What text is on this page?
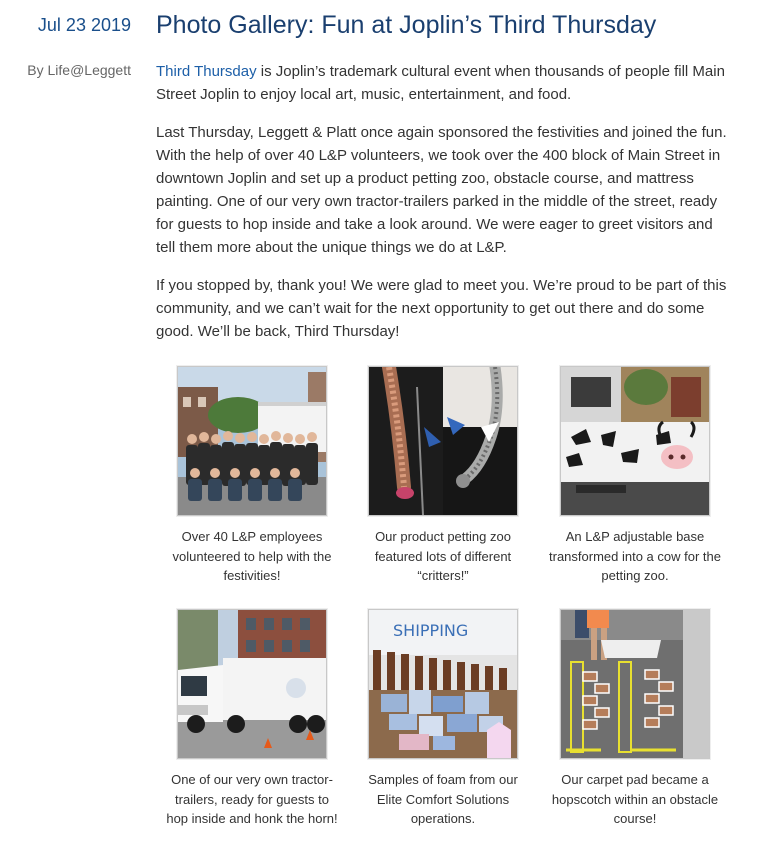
Jul 23 2019
By Life@Leggett
Photo Gallery: Fun at Joplin’s Third Thursday

Third Thursday is Joplin’s trademark cultural event when thousands of people fill Main Street Joplin to enjoy local art, music, entertainment, and food.

Last Thursday, Leggett & Platt once again sponsored the festivities and joined the fun. With the help of over 40 L&P volunteers, we took over the 400 block of Main Street in downtown Joplin and set up a product petting zoo, obstacle course, and mattress painting. One of our very own tractor-trailers parked in the middle of the street, ready for guests to hop inside and take a look around. We were eager to greet visitors and tell them more about the unique things we do at L&P.

If you stopped by, thank you! We were glad to meet you. We’re proud to be part of this community, and we can’t wait for the next opportunity to get out there and do some good. We’ll be back, Third Thursday!

Over 40 L&P employees volunteered to help with the festivities!
Our product petting zoo featured lots of different “critters!”
An L&P adjustable base transformed into a cow for the petting zoo.
One of our very own tractor-trailers, ready for guests to hop inside and honk the horn!
SHIPPING
Samples of foam from our Elite Comfort Solutions operations.
Our carpet pad became a hopscotch within an obstacle course!
